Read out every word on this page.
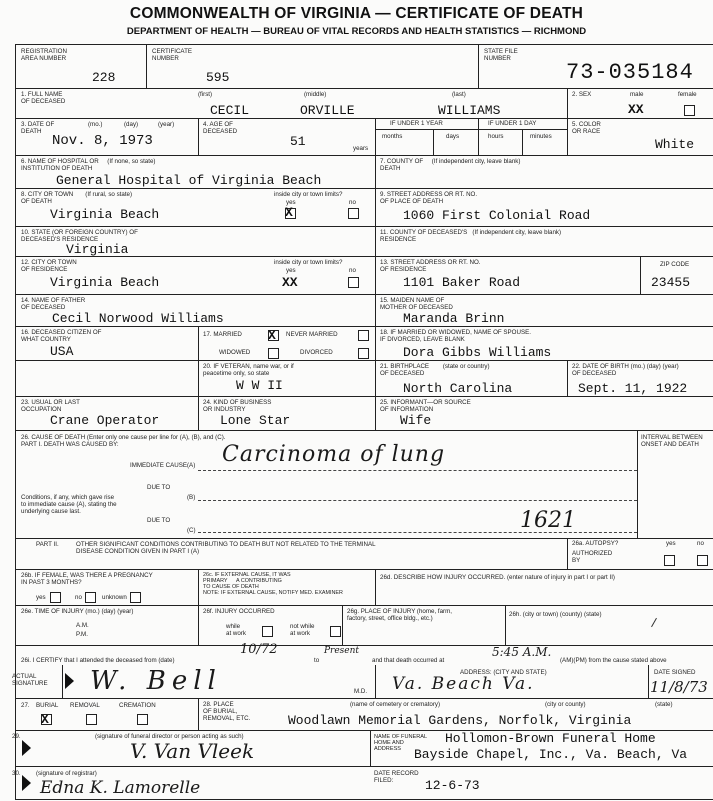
COMMONWEALTH OF VIRGINIA — CERTIFICATE OF DEATH
DEPARTMENT OF HEALTH — BUREAU OF VITAL RECORDS AND HEALTH STATISTICS — RICHMOND
REGISTRATION
AREA NUMBER
228
CERTIFICATE
NUMBER
595
STATE FILE
NUMBER
73-035184
1. FULL NAME
OF DECEASED
(first)	(middle)	(last)
CECIL	ORVILLE	WILLIAMS
2. SEX	male	female
XX
3. DATE OF
DEATH
(mo.)	(day)	(year)
Nov. 8, 1973
4. AGE OF
DECEASED
51	years
IF UNDER 1 YEAR	IF UNDER 1 DAY
months	days	hours	minutes
5. COLOR
OR RACE
White
6. NAME OF HOSPITAL OR     (If none, so state)
INSTITUTION OF DEATH
General Hospital of Virginia Beach
7. COUNTY OF     (If independent city, leave blank)
DEATH
8. CITY OR TOWN       (If rural, so state)
OF DEATH
inside city or town limits?
yes	no
X
Virginia Beach
9. STREET ADDRESS OR RT. NO.
OF PLACE OF DEATH
1060 First Colonial Road
10. STATE (OR FOREIGN COUNTRY) OF
DECEASED'S RESIDENCE
Virginia
11. COUNTY OF DECEASED'S   (If independent city, leave blank)
RESIDENCE
12. CITY OR TOWN
OF RESIDENCE
inside city or town limits?
yes	no
XX
Virginia Beach
13. STREET ADDRESS OR RT. NO.
OF RESIDENCE
ZIP CODE
1101 Baker Road	23455
14. NAME OF FATHER
OF DECEASED
Cecil Norwood Williams
15. MAIDEN NAME OF
MOTHER OF DECEASED
Maranda Brinn
16. DECEASED CITIZEN OF
WHAT COUNTRY
USA
17. MARRIED X NEVER MARRIED
WIDOWED	DIVORCED
18. IF MARRIED OR WIDOWED, NAME OF SPOUSE.
IF DIVORCED, LEAVE BLANK
Dora Gibbs Williams
20. IF VETERAN, name war, or if
peacetime only, so state
W W II
21. BIRTHPLACE        (state or country)
OF DECEASED
North Carolina
22. DATE OF BIRTH (mo.) (day) (year)
OF DECEASED
Sept. 11, 1922
23. USUAL OR LAST
OCCUPATION
Crane Operator
24. KIND OF BUSINESS
OR INDUSTRY
Lone Star
25. INFORMANT—OR SOURCE
OF INFORMATION
Wife
26. CAUSE OF DEATH (Enter only one cause per line for (A), (B), and (C).
PART I. DEATH WAS CAUSED BY:
INTERVAL BETWEEN
ONSET AND DEATH
IMMEDIATE CAUSE (A) Carcinoma of lung
DUE TO
(B)
Conditions, if any, which gave rise
to immediate cause (A), stating the
underlying cause last.
DUE TO
(C)	1621
PART II.	OTHER SIGNIFICANT CONDITIONS CONTRIBUTING TO DEATH BUT NOT RELATED TO THE TERMINAL
DISEASE CONDITION GIVEN IN PART I (A)
26a. AUTOPSY?	yes	no
AUTHORIZED
BY
26b. IF FEMALE, WAS THERE A PREGNANCY
IN PAST 3 MONTHS?
yes	no	unknown
26c. IF EXTERNAL CAUSE, IT WAS
PRIMARY      A CONTRIBUTING
TO CAUSE OF DEATH
NOTE: IF EXTERNAL CAUSE, NOTIFY MED. EXAMINER
26d. DESCRIBE HOW INJURY OCCURRED. (enter nature of injury in part I or part II)
26e. TIME OF INJURY (mo.) (day) (year)
A.M.
P.M.
26f. INJURY OCCURRED
while
at work
not while
at work
26g. PLACE OF INJURY (home, farm,
factory, street, office bldg., etc.)
26h. (city or town) (county) (state)
26i. I CERTIFY that I attended the deceased from (date)
10/72
to
Present
and that death occurred at
5:45 A.M.
(AM)(PM) from the cause stated above
ACTUAL
SIGNATURE W. Bell	M.D.
ADDRESS: (CITY AND STATE)
Va. Beach Va.
DATE SIGNED
11/8/73
27. BURIAL REMOVAL	CREMATION
X
28. PLACE
OF BURIAL,
REMOVAL, ETC.
(name of cemetery or crematory)	(city or county)	(state)
Woodlawn Memorial Gardens, Norfolk, Virginia
29.	(signature of funeral director or person acting as such)
V. Van Vleek
NAME OF FUNERAL
HOME AND
ADDRESS
Hollomon-Brown Funeral Home
Bayside Chapel, Inc., Va. Beach, Va
30. (signature of registrar)
Edna K. Lamorelle
DATE RECORD
FILED:	12-6-73
